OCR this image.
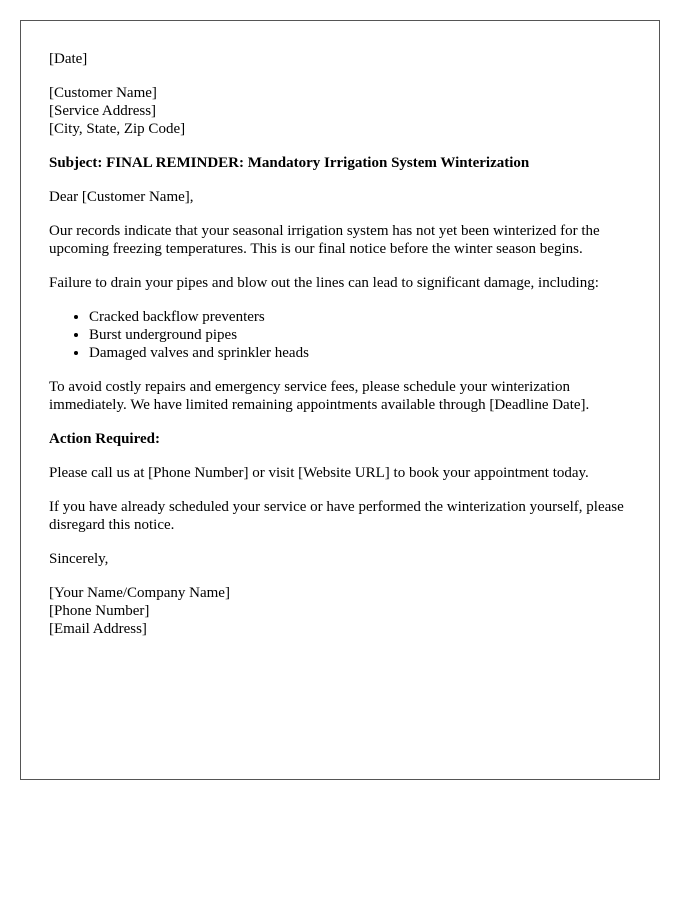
[Date]
[Customer Name]
[Service Address]
[City, State, Zip Code]
Subject: FINAL REMINDER: Mandatory Irrigation System Winterization
Dear [Customer Name],
Our records indicate that your seasonal irrigation system has not yet been winterized for the upcoming freezing temperatures. This is our final notice before the winter season begins.
Failure to drain your pipes and blow out the lines can lead to significant damage, including:
• Cracked backflow preventers
• Burst underground pipes
• Damaged valves and sprinkler heads
To avoid costly repairs and emergency service fees, please schedule your winterization immediately. We have limited remaining appointments available through [Deadline Date].
Action Required:
Please call us at [Phone Number] or visit [Website URL] to book your appointment today.
If you have already scheduled your service or have performed the winterization yourself, please disregard this notice.
Sincerely,
[Your Name/Company Name]
[Phone Number]
[Email Address]
